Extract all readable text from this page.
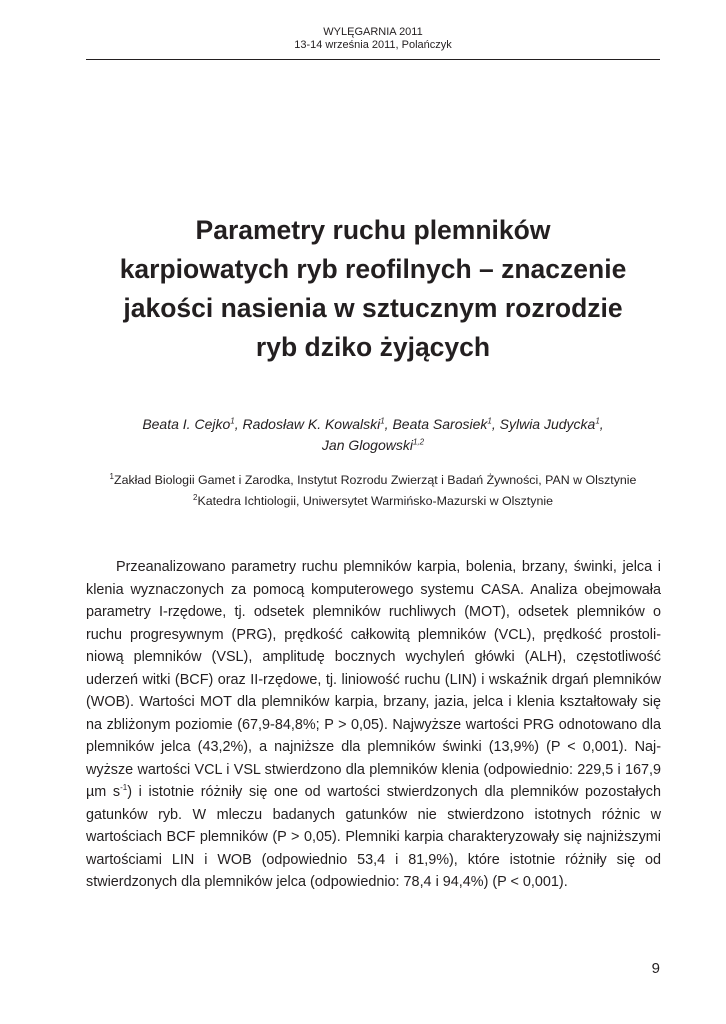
WYLĘGARNIA 2011
13-14 września 2011, Polańczyk
Parametry ruchu plemników
karpiowatych ryb reofilnych – znaczenie
jakości nasienia w sztucznym rozrodzie
ryb dziko żyjących
Beata I. Cejko$^1$, Radosław K. Kowalski$^1$, Beata Sarosiek$^1$, Sylwia Judycka$^1$,
Jan Glogowski$^{1,2}$
$^1$Zakład Biologii Gamet i Zarodka, Instytut Rozrodu Zwierząt i Badań Żywności, PAN w Olsztynie
$^2$Katedra Ichtiologii, Uniwersytet Warmińsko-Mazurski w Olsztynie

Przeanalizowano parametry ruchu plemników karpia, bolenia, brzany, świnki, jelca i klenia wyznaczonych za pomocą komputerowego systemu CASA. Analiza obejmowała parametry I-rzędowe, tj. odsetek plemników ruchliwych (MOT), odsetek plemników o ruchu progresywnym (PRG), prędkość całkowitą plemników (VCL), prędkość prostoliniową plemników (VSL), amplitudę bocznych wychyleń główki (ALH), częstotliwość uderzeń witki (BCF) oraz II-rzędowe, tj. liniowość ruchu (LIN) i wskaźnik drgań plemników (WOB). Wartości MOT dla plemników karpia, brzany, jazia, jelca i klenia kształtowały się na zbliżonym poziomie (67,9-84,8%; P > 0,05). Najwyższe wartości PRG odnotowano dla plemników jelca (43,2%), a najniższe dla plemników świnki (13,9%) (P < 0,001). Najwyższe wartości VCL i VSL stwierdzono dla plemników klenia (odpowiednio: 229,5 i 167,9 µm $s^{-1}$) i istotnie różniły się one od wartości stwierdzonych dla plemników pozostałych gatunków ryb. W mleczu badanych gatunków nie stwierdzono istotnych różnic w wartościach BCF plemników (P > 0,05). Plemniki karpia charakteryzowały się najniższymi wartościami LIN i WOB (odpowiednio 53,4 i 81,9%), które istotnie różniły się od stwierdzonych dla plemników jelca (odpowiednio: 78,4 i 94,4%) (P < 0,001).

9
